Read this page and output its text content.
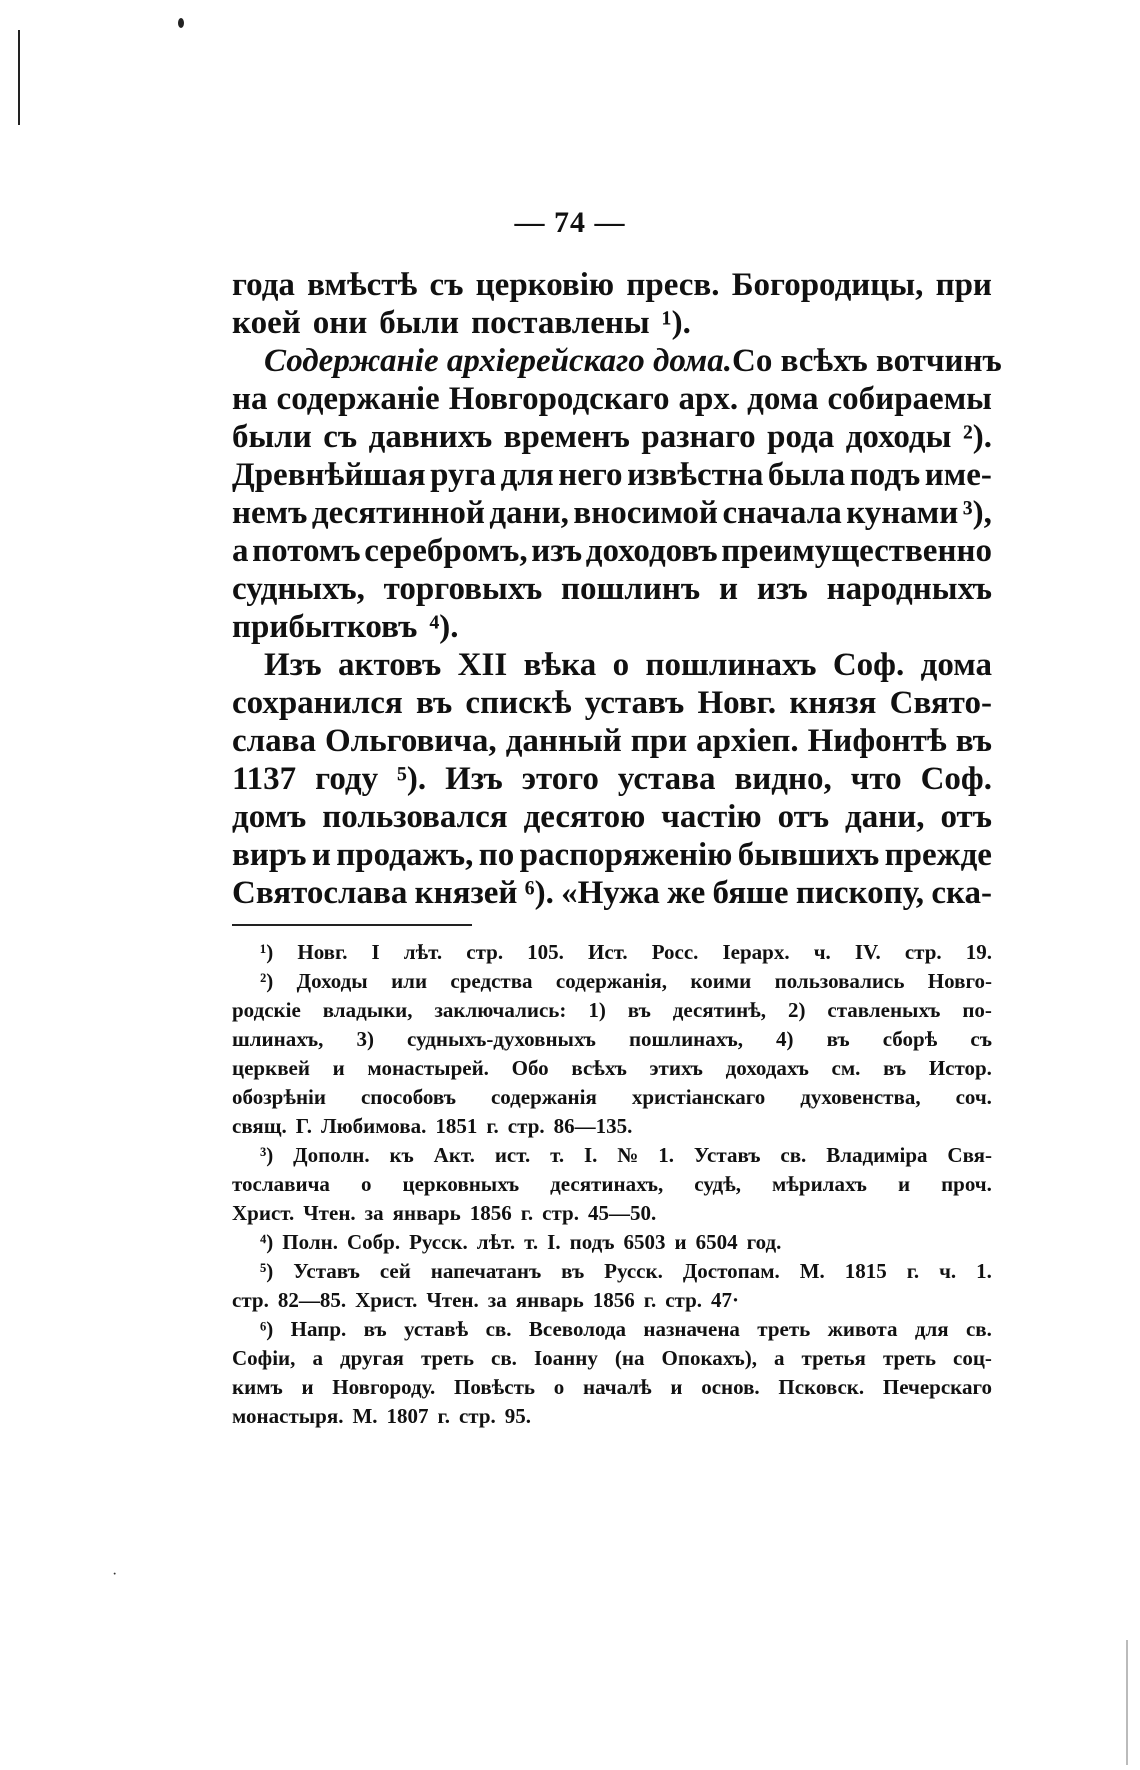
— 74 —
года вмѣстѣ съ церковію пресв. Богородицы, при
коей они были поставлены ¹).
Содержаніе архіерейскаго дома. Со всѣхъ вотчинъ
на содержаніе Новгородскаго арх. дома собираемы
были съ давнихъ временъ разнаго рода доходы ²).
Древнѣйшая руга для него извѣстна была подъ име-
немъ десятинной дани, вносимой сначала кунами ³),
а потомъ серебромъ, изъ доходовъ преимущественно
судныхъ, торговыхъ пошлинъ и изъ народныхъ
прибытковъ ⁴).
Изъ актовъ XII вѣка о пошлинахъ Соф. дома
сохранился въ спискѣ уставъ Новг. князя Свято-
слава Ольговича, данный при архіеп. Нифонтѣ въ
1137 году ⁵). Изъ этого устава видно, что Соф.
домъ пользовался десятою частію отъ дани, отъ
виръ и продажъ, по распоряженію бывшихъ прежде
Святослава князей ⁶). «Нужа же бяше пископу, ска-
¹) Новг. I лѣт. стр. 105. Ист. Росс. Іерарх. ч. IV. стр. 19.
²) Доходы или средства содержанія, коими пользовались Новго-
родскіе владыки, заключались: 1) въ десятинѣ, 2) ставленыхъ по-
шлинахъ, 3) судныхъ-духовныхъ пошлинахъ, 4) въ сборѣ съ
церквей и монастырей. Обо всѣхъ этихъ доходахъ см. въ Истор.
обозрѣніи способовъ содержанія христіанскаго духовенства, соч.
свящ. Г. Любимова. 1851 г. стр. 86—135.
³) Дополн. къ Акт. ист. т. I. № 1. Уставъ св. Владиміра Свя-
тославича о церковныхъ десятинахъ, судѣ, мѣрилахъ и проч.
Христ. Чтен. за январь 1856 г. стр. 45—50.
⁴) Полн. Собр. Русск. лѣт. т. I. подъ 6503 и 6504 год.
⁵) Уставъ сей напечатанъ въ Русск. Достопам. М. 1815 г. ч. 1.
стр. 82—85. Христ. Чтен. за январь 1856 г. стр. 47·
⁶) Напр. въ уставѣ св. Всеволода назначена треть живота для св.
Софіи, а другая треть св. Іоанну (на Опокахъ), а третья треть соц-
кимъ и Новгороду. Повѣсть о началѣ и основ. Псковск. Печерскаго
монастыря. М. 1807 г. стр. 95.
·
